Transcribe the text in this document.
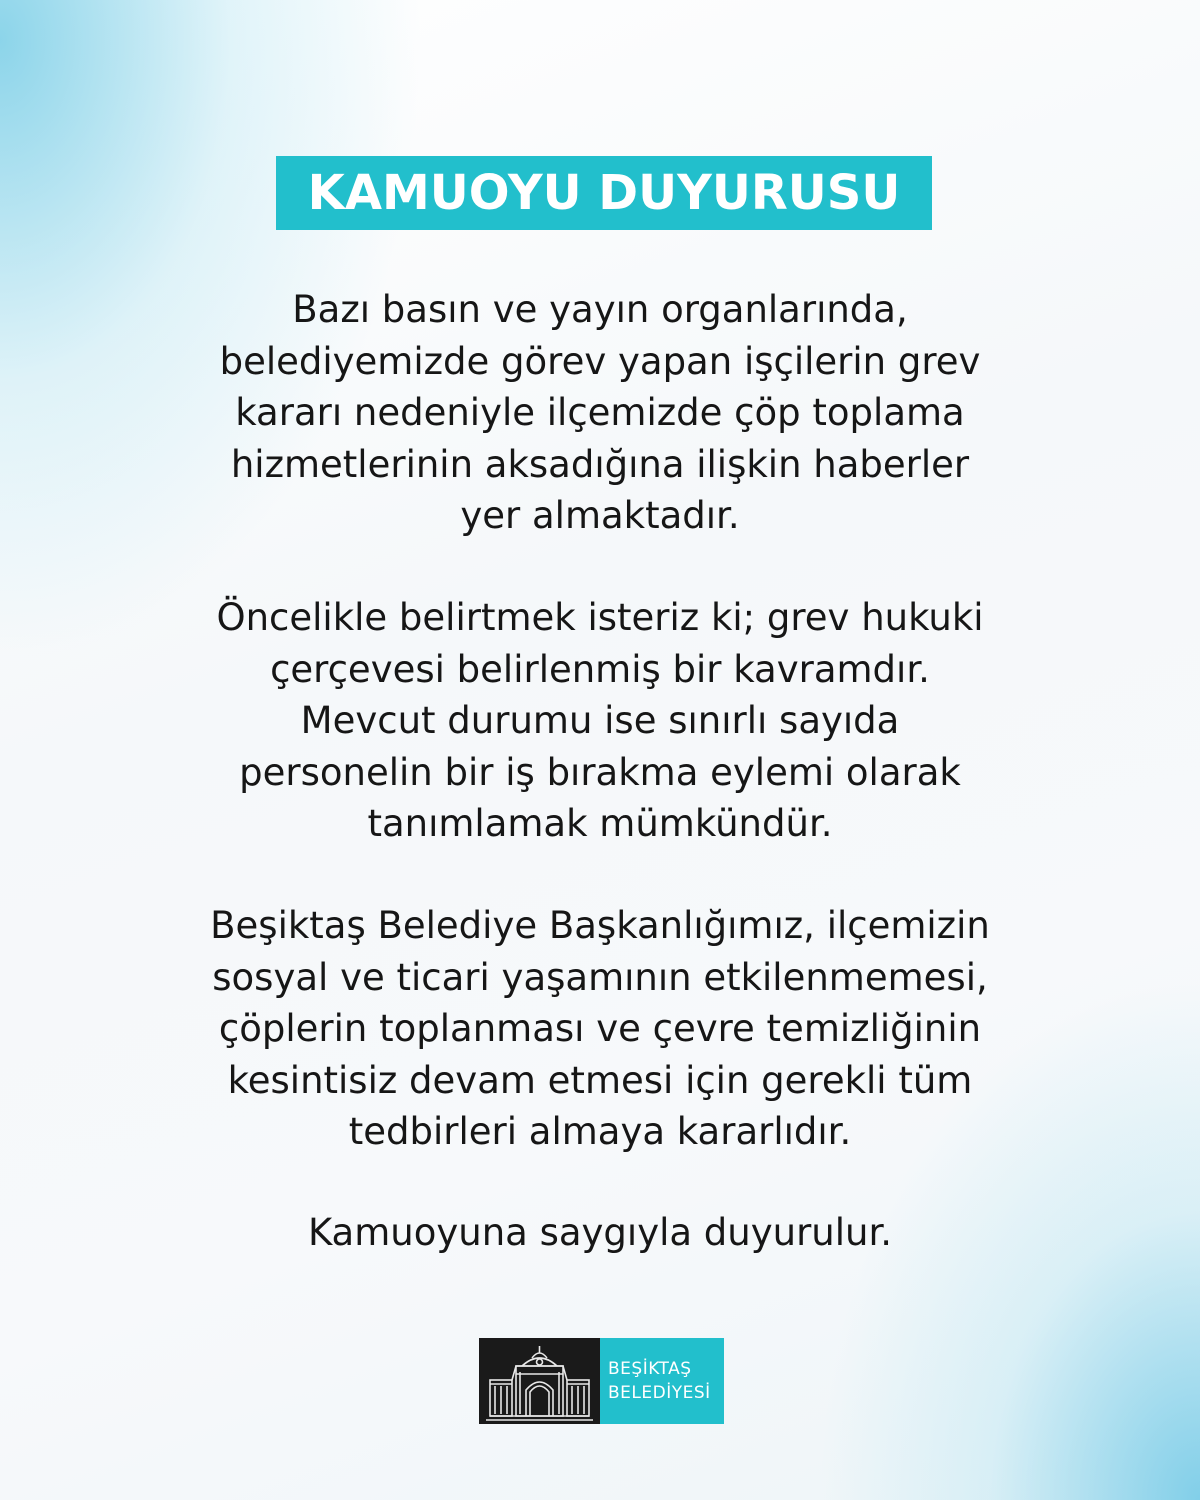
KAMUOYU DUYURUSU
Bazı basın ve yayın organlarında,
belediyemizde görev yapan işçilerin grev
kararı nedeniyle ilçemizde çöp toplama
hizmetlerinin aksadığına ilişkin haberler
yer almaktadır.
Öncelikle belirtmek isteriz ki; grev hukuki
çerçevesi belirlenmiş bir kavramdır.
Mevcut durumu ise sınırlı sayıda
personelin bir iş bırakma eylemi olarak
tanımlamak mümkündür.
Beşiktaş Belediye Başkanlığımız, ilçemizin
sosyal ve ticari yaşamının etkilenmemesi,
çöplerin toplanması ve çevre temizliğinin
kesintisiz devam etmesi için gerekli tüm
tedbirleri almaya kararlıdır.
Kamuoyuna saygıyla duyurulur.
BEŞİKTAŞ
BELEDİYESİ
